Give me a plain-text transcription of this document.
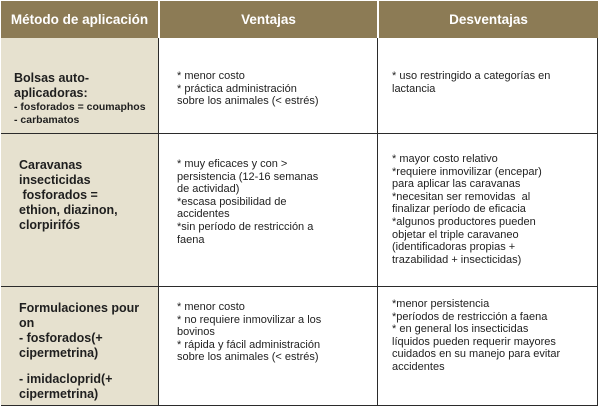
Método de aplicación	Ventajas	Desventajas
Bolsas auto-
aplicadoras:
- fosforados = coumaphos
- carbamatos
* menor costo
* práctica administración
sobre los animales (< estrés)
* uso restringido a categorías en
lactancia
Caravanas
insecticidas
fosforados =
ethion, diazinon,
clorpirifós
* muy eficaces y con >
persistencia (12-16 semanas
de actividad)
*escasa posibilidad de
accidentes
*sin período de restricción a
faena
* mayor costo relativo
*requiere inmovilizar (encepar)
para aplicar las caravanas
*necesitan ser removidas  al
finalizar período de eficacia
*algunos productores pueden
objetar el triple caravaneo
(identificadoras propias +
trazabilidad + insecticidas)
Formulaciones pour
on
- fosforados(+
cipermetrina)
- imidacloprid(+
cipermetrina)
* menor costo
* no requiere inmovilizar a los
bovinos
* rápida y fácil administración
sobre los animales (< estrés)
*menor persistencia
*períodos de restricción a faena
* en general los insecticidas
líquidos pueden requerir mayores
cuidados en su manejo para evitar
accidentes
